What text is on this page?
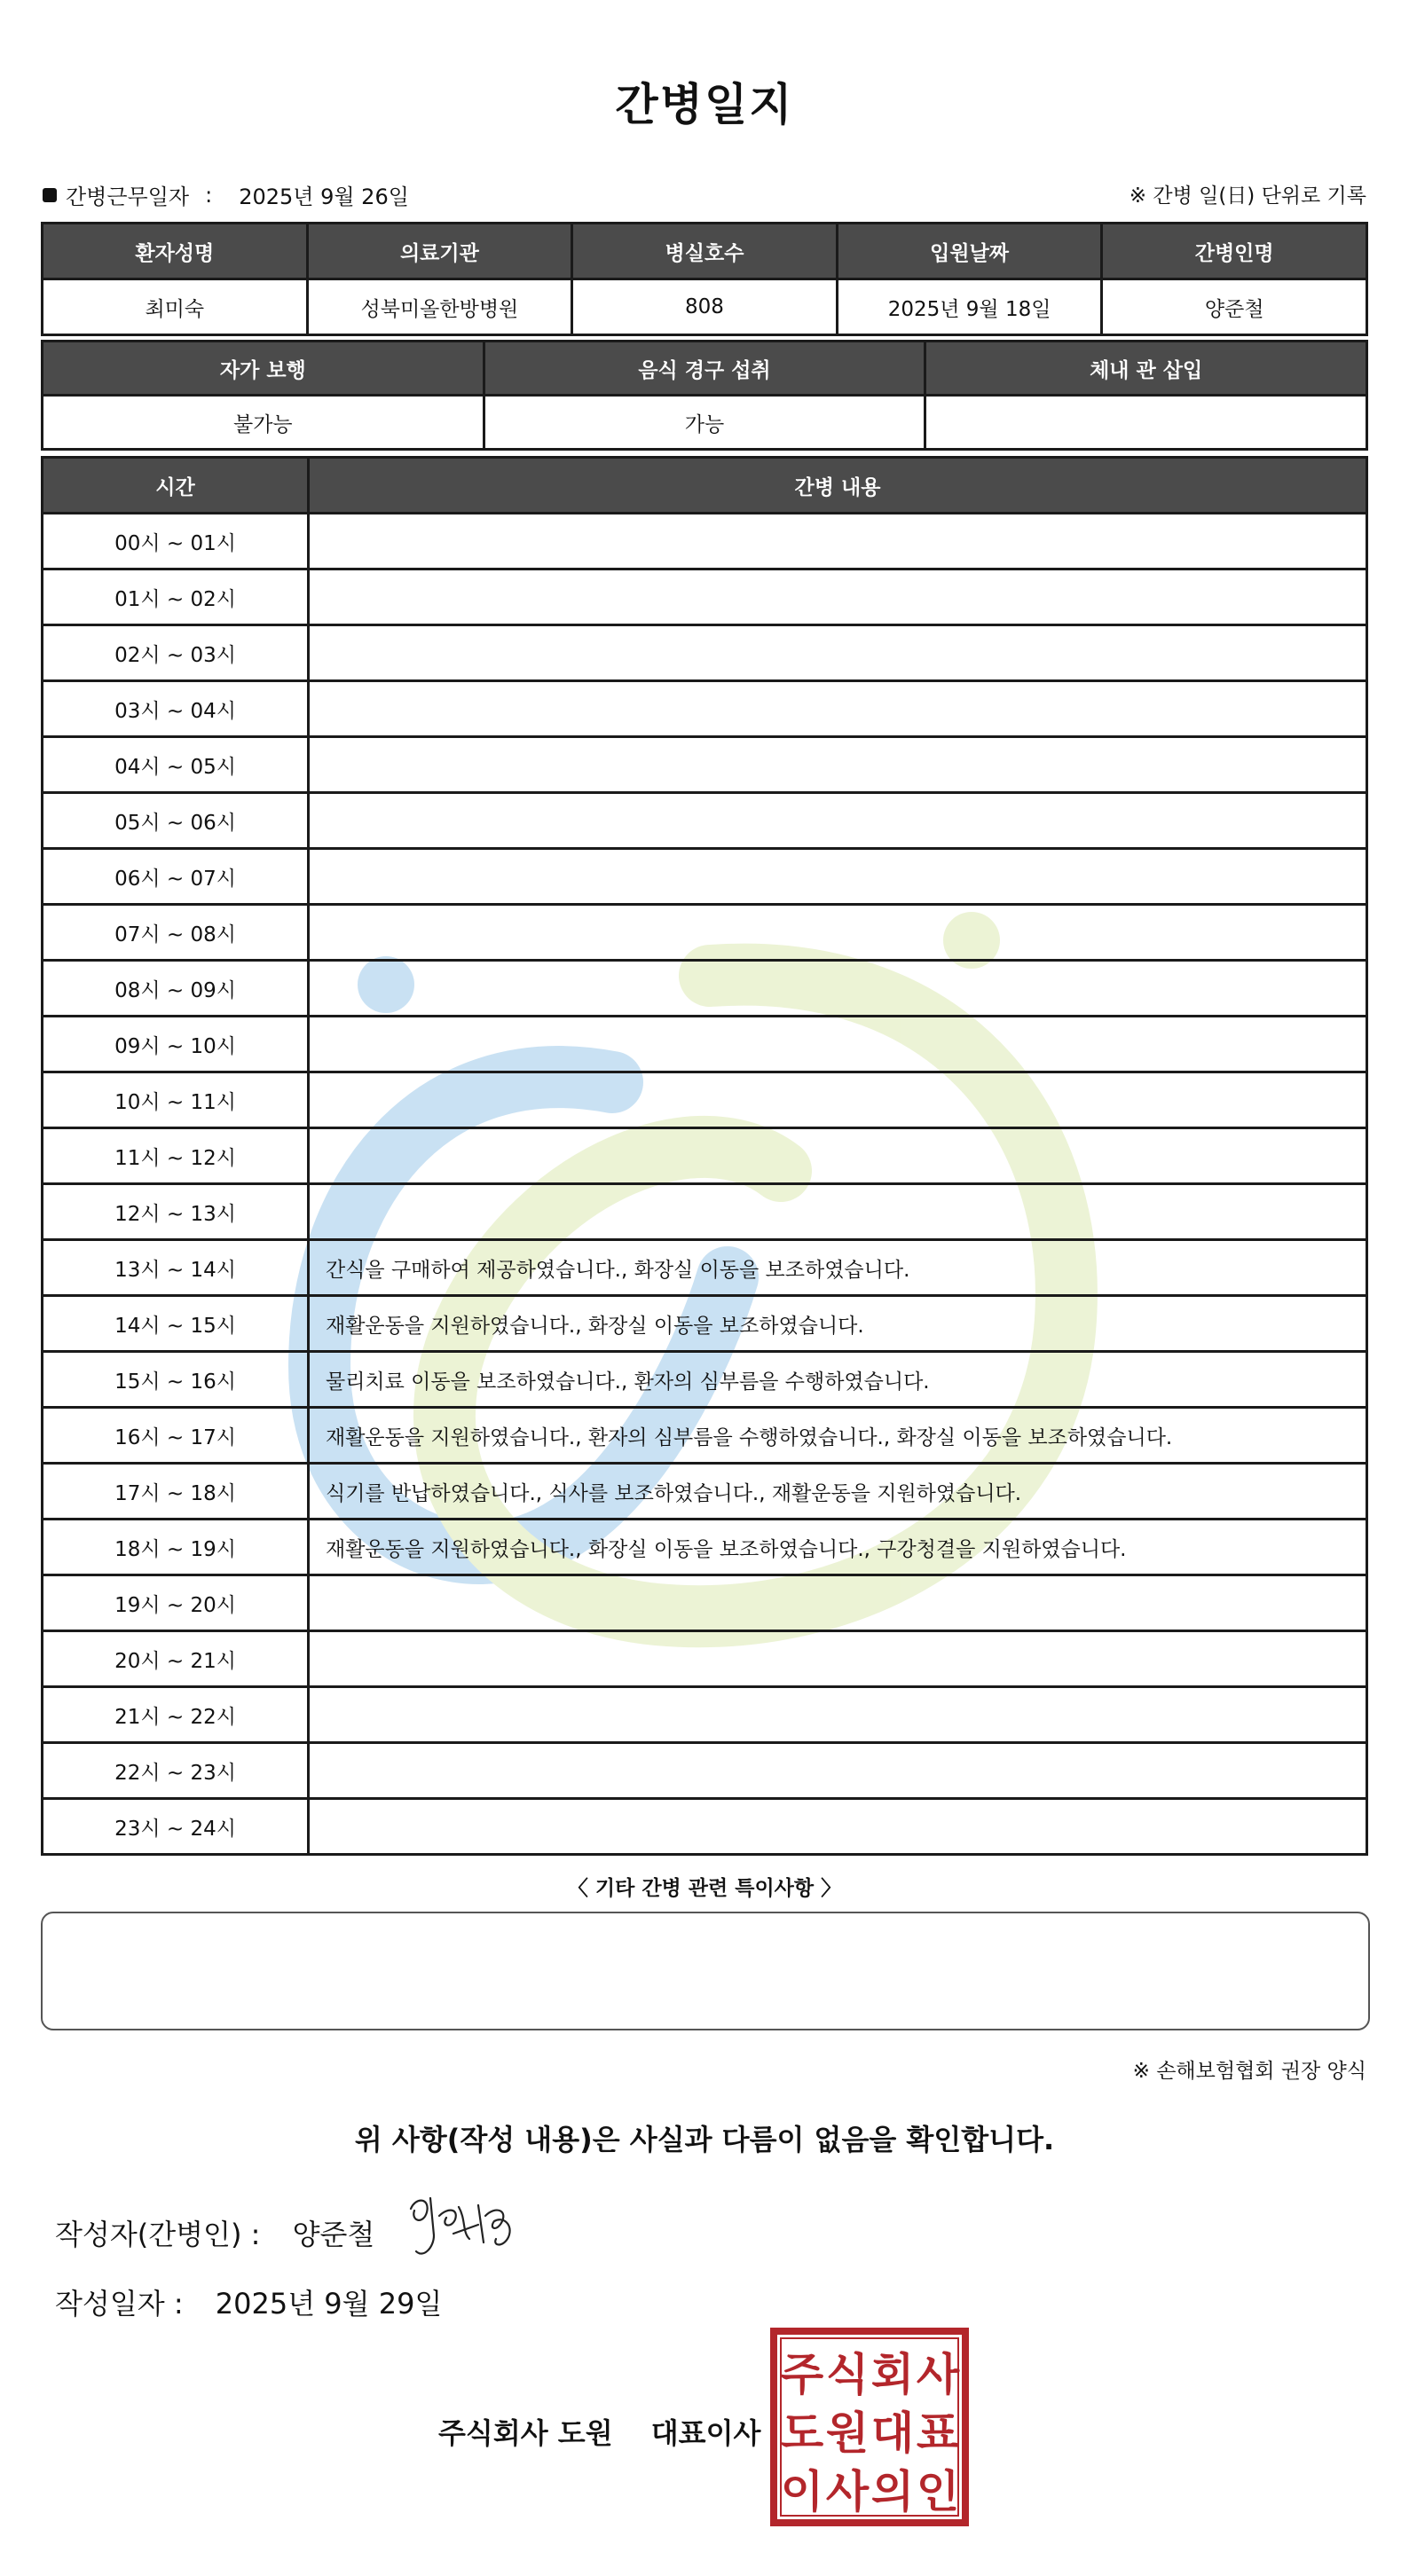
간병일지
간병근무일자 : 2025년 9월 26일	※ 간병 일(日) 단위로 기록
환자성명	의료기관	병실호수	입원날짜	간병인명
최미숙	성북미올한방병원	808	2025년 9월 18일	양준철
자가 보행	음식 경구 섭취	체내 관 삽입
불가능	가능	
시간	간병 내용
00시 ~ 01시	
01시 ~ 02시	
02시 ~ 03시	
03시 ~ 04시	
04시 ~ 05시	
05시 ~ 06시	
06시 ~ 07시	
07시 ~ 08시	
08시 ~ 09시	
09시 ~ 10시	
10시 ~ 11시	
11시 ~ 12시	
12시 ~ 13시	
13시 ~ 14시	간식을 구매하여 제공하였습니다., 화장실 이동을 보조하였습니다.
14시 ~ 15시	재활운동을 지원하였습니다., 화장실 이동을 보조하였습니다.
15시 ~ 16시	물리치료 이동을 보조하였습니다., 환자의 심부름을 수행하였습니다.
16시 ~ 17시	재활운동을 지원하였습니다., 환자의 심부름을 수행하였습니다., 화장실 이동을 보조하였습니다.
17시 ~ 18시	식기를 반납하였습니다., 식사를 보조하였습니다., 재활운동을 지원하였습니다.
18시 ~ 19시	재활운동을 지원하였습니다., 화장실 이동을 보조하였습니다., 구강청결을 지원하였습니다.
19시 ~ 20시	
20시 ~ 21시	
21시 ~ 22시	
22시 ~ 23시	
23시 ~ 24시	
〈 기타 간병 관련 특이사항 〉
※ 손해보험협회 권장 양식
위 사항(작성 내용)은 사실과 다름이 없음을 확인합니다.
작성자(간병인) : 양준철
작성일자 : 2025년 9월 29일
주식회사 도원 대표이사
주 식 회 사
도 원 대 표
이 사 의 인
